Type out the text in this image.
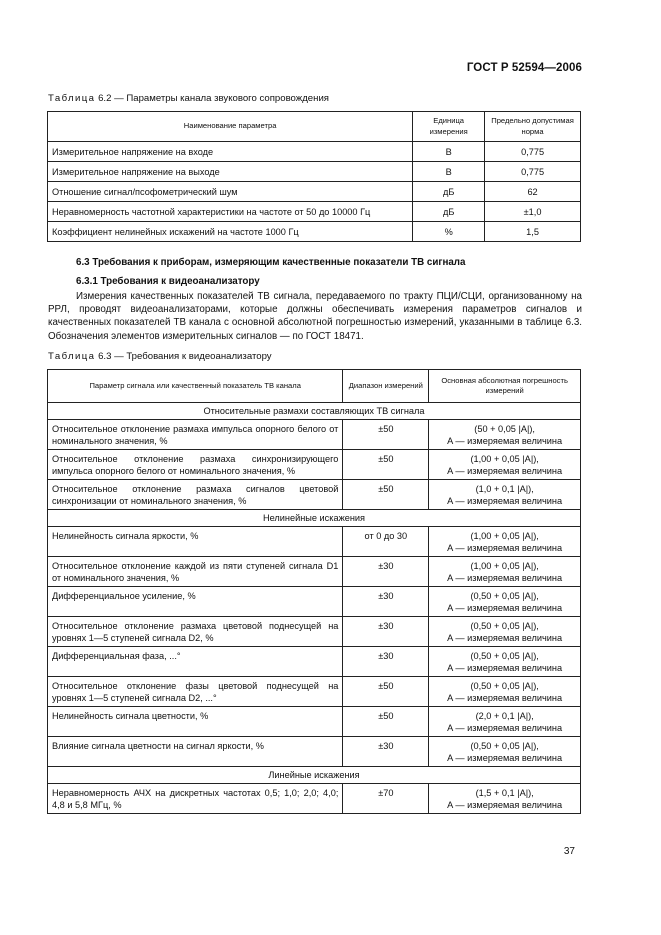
ГОСТ Р 52594—2006
Таблица 6.2 — Параметры канала звукового сопровождения
Наименование параметра	Единица измерения	Предельно допустимая норма
Измерительное напряжение на входе	В	0,775
Измерительное напряжение на выходе	В	0,775
Отношение сигнал/псофометрический шум	дБ	62
Неравномерность частотной характеристики на частоте от 50 до 10000 Гц	дБ	±1,0
Коэффициент нелинейных искажений на частоте 1000 Гц	%	1,5
6.3 Требования к приборам, измеряющим качественные показатели ТВ сигнала
6.3.1 Требования к видеоанализатору
Измерения качественных показателей ТВ сигнала, передаваемого по тракту ПЦИ/СЦИ, организованному на РРЛ, проводят видеоанализаторами, которые должны обеспечивать измерения параметров сигналов и качественных показателей ТВ канала с основной абсолютной погрешностью измерений, указанными в таблице 6.3. Обозначения элементов измерительных сигналов — по ГОСТ 18471.
Таблица 6.3 — Требования к видеоанализатору
Параметр сигнала или качественный показатель ТВ канала	Диапазон измерений	Основная абсолютная погрешность измерений
Относительные размахи составляющих ТВ сигнала		
Относительное отклонение размаха импульса опорного белого от номинального значения, %	±50	(50 + 0,05 |A|),
A — измеряемая величина

Относительное отклонение размаха синхронизирующего импульса опорного белого от номинального значения, %	±50	(1,00 + 0,05 |A|),
A — измеряемая величина

Относительное отклонение размаха сигналов цветовой синхронизации от номинального значения, %	±50	(1,0 + 0,1 |A|),
A — измеряемая величина

Нелинейные искажения		
Нелинейность сигнала яркости, %	от 0 до 30	(1,00 + 0,05 |A|),
A — измеряемая величина

Относительное отклонение каждой из пяти ступеней сигнала D1 от номинального значения, %	±30	(1,00 + 0,05 |A|),
A — измеряемая величина

Дифференциальное усиление, %	±30	(0,50 + 0,05 |A|),
A — измеряемая величина

Относительное отклонение размаха цветовой поднесущей на уровнях 1—5 ступеней сигнала D2, %	±30	(0,50 + 0,05 |A|),
A — измеряемая величина

Дифференциальная фаза, ...°	±30	(0,50 + 0,05 |A|),
A — измеряемая величина

Относительное отклонение фазы цветовой поднесущей на уровнях 1—5 ступеней сигнала D2, ...°	±50	(0,50 + 0,05 |A|),
A — измеряемая величина

Нелинейность сигнала цветности, %	±50	(2,0 + 0,1 |A|),
A — измеряемая величина

Влияние сигнала цветности на сигнал яркости, %	±30	(0,50 + 0,05 |A|),
A — измеряемая величина

Линейные искажения		
Неравномерность АЧХ на дискретных частотах 0,5; 1,0; 2,0; 4,0; 4,8 и 5,8 МГц, %	±70	(1,5 + 0,1 |A|),
A — измеряемая величина
37
